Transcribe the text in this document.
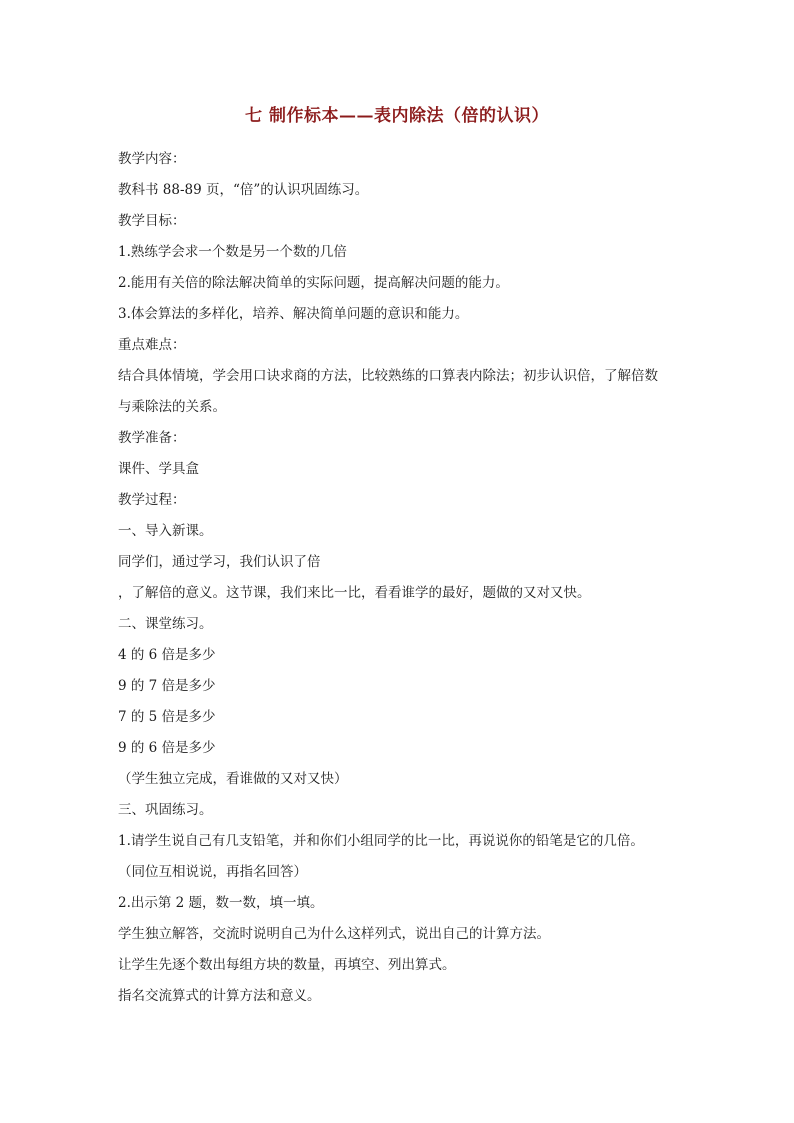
七 制作标本——表内除法（倍的认识）

教学内容：

教科书 88-89 页，“倍”的认识巩固练习。

教学目标：

1.熟练学会求一个数是另一个数的几倍

2.能用有关倍的除法解决简单的实际问题，提高解决问题的能力。

3.体会算法的多样化，培养、解决简单问题的意识和能力。

重点难点：

结合具体情境，学会用口诀求商的方法，比较熟练的口算表内除法；初步认识倍，了解倍数

与乘除法的关系。

教学准备：

课件、学具盒

教学过程：

一、导入新课。

同学们，通过学习，我们认识了倍

，了解倍的意义。这节课，我们来比一比，看看谁学的最好，题做的又对又快。

二、课堂练习。

4 的 6 倍是多少

9 的 7 倍是多少

7 的 5 倍是多少

9 的 6 倍是多少

（学生独立完成，看谁做的又对又快）

三、巩固练习。

1.请学生说自己有几支铅笔，并和你们小组同学的比一比，再说说你的铅笔是它的几倍。

（同位互相说说，再指名回答）

2.出示第 2 题，数一数，填一填。

学生独立解答，交流时说明自己为什么这样列式，说出自己的计算方法。

让学生先逐个数出每组方块的数量，再填空、列出算式。

指名交流算式的计算方法和意义。
